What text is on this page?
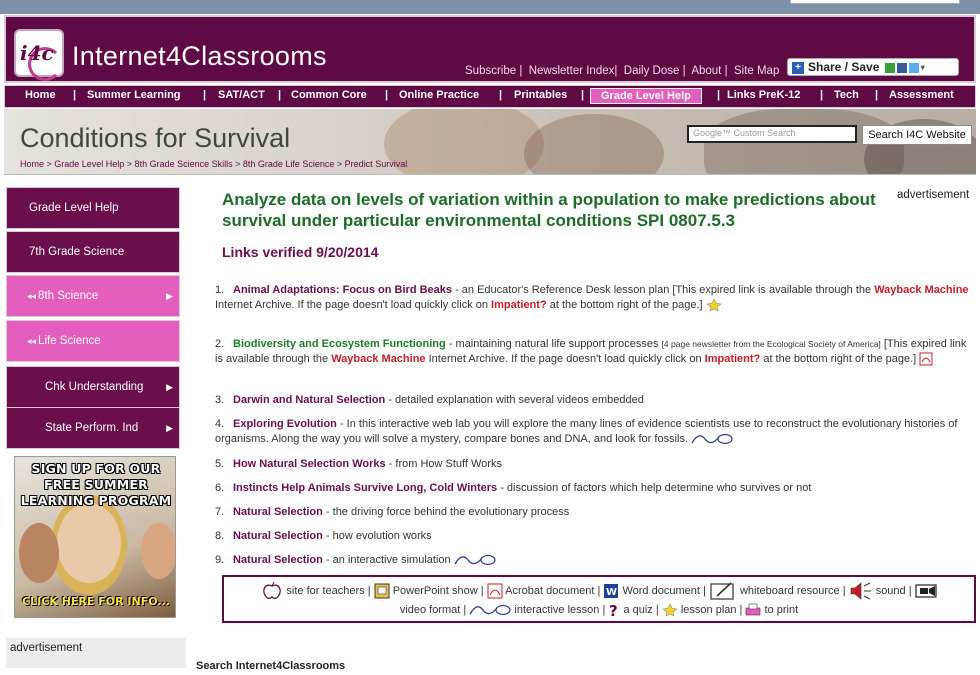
i4c Internet4Classrooms	Subscribe |  Newsletter Index|  Daily Dose |  About |  Site Map	+ Share / Save	▾
Home | Summer Learning | SAT/ACT | Common Core | Online Practice | Printables |	Grade Level Help	| Links PreK-12 | Tech | Assessment
Conditions for Survival
Home > Grade Level Help > 8th Grade Science Skills > 8th Grade Life Science > Predict Survival
Google™ Custom Search	Search I4C Website
Grade Level Help
7th Grade Science
◂◂ 8th Science	▶
◂◂ Life Science
Chk Understanding	▶
State Perform. Ind	▶
SIGN UP FOR OUR FREE SUMMER LEARNING PROGRAM
CLICK HERE FOR INFO...
advertisement
advertisement
Analyze data on levels of variation within a population to make predictions about survival under particular environmental conditions SPI 0807.5.3
Links verified 9/20/2014
1. Animal Adaptations: Focus on Bird Beaks - an Educator's Reference Desk lesson plan [This expired link is available through the Wayback Machine Internet Archive. If the page doesn't load quickly click on Impatient? at the bottom right of the page.]
2. Biodiversity and Ecosystem Functioning - maintaining natural life support processes [4 page newsletter from the Ecological Society of America] [This expired link is available through the Wayback Machine Internet Archive. If the page doesn't load quickly click on Impatient? at the bottom right of the page.]
3. Darwin and Natural Selection - detailed explanation with several videos embedded
4. Exploring Evolution - In this interactive web lab you will explore the many lines of evidence scientists use to reconstruct the evolutionary histories of organisms. Along the way you will solve a mystery, compare bones and DNA, and look for fossils.
5. How Natural Selection Works - from How Stuff Works
6. Instincts Help Animals Survive Long, Cold Winters - discussion of factors which help determine who survives or not
7. Natural Selection - the driving force behind the evolutionary process
8. Natural Selection - how evolution works
9. Natural Selection - an interactive simulation
site for teachers |  PowerPoint show |  Acrobat document | W Word document |	whiteboard resource |  sound |
video format |	interactive lesson | ? a quiz |  lesson plan |  to print
Search Internet4Classrooms
